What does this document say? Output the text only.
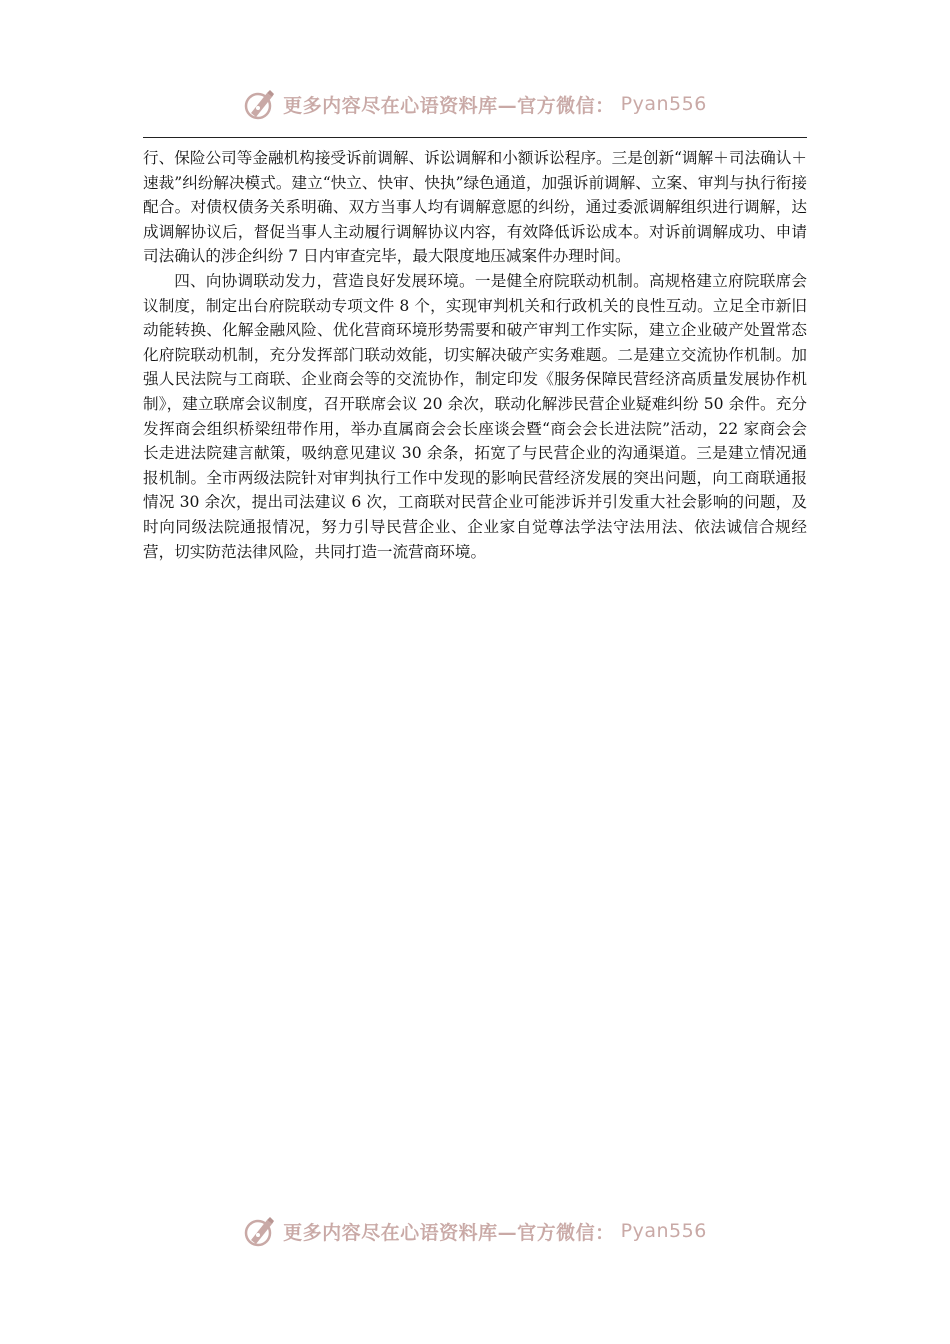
更多内容尽在心语资料库—官方微信： Pyan556

行、保险公司等金融机构接受诉前调解、诉讼调解和小额诉讼程序。三是创新“调解＋司法确认＋速裁”纠纷解决模式。建立“快立、快审、快执”绿色通道，加强诉前调解、立案、审判与执行衔接配合。对债权债务关系明确、双方当事人均有调解意愿的纠纷，通过委派调解组织进行调解，达成调解协议后，督促当事人主动履行调解协议内容，有效降低诉讼成本。对诉前调解成功、申请司法确认的涉企纠纷 7 日内审查完毕，最大限度地压减案件办理时间。

四、向协调联动发力，营造良好发展环境。一是健全府院联动机制。高规格建立府院联席会议制度，制定出台府院联动专项文件 8 个，实现审判机关和行政机关的良性互动。立足全市新旧动能转换、化解金融风险、优化营商环境形势需要和破产审判工作实际，建立企业破产处置常态化府院联动机制，充分发挥部门联动效能，切实解决破产实务难题。二是建立交流协作机制。加强人民法院与工商联、企业商会等的交流协作，制定印发《服务保障民营经济高质量发展协作机制》，建立联席会议制度，召开联席会议 20 余次，联动化解涉民营企业疑难纠纷 50 余件。充分发挥商会组织桥梁纽带作用，举办直属商会会长座谈会暨“商会会长进法院”活动，22 家商会会长走进法院建言献策，吸纳意见建议 30 余条，拓宽了与民营企业的沟通渠道。三是建立情况通报机制。全市两级法院针对审判执行工作中发现的影响民营经济发展的突出问题，向工商联通报情况 30 余次，提出司法建议 6 次，工商联对民营企业可能涉诉并引发重大社会影响的问题，及时向同级法院通报情况，努力引导民营企业、企业家自觉尊法学法守法用法、依法诚信合规经营，切实防范法律风险，共同打造一流营商环境。

更多内容尽在心语资料库—官方微信： Pyan556
